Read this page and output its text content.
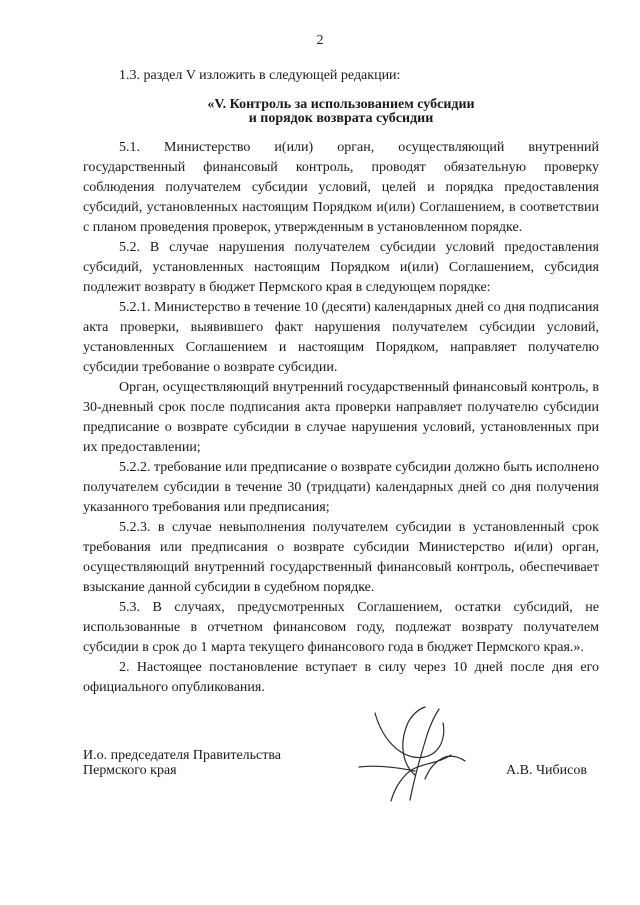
2

1.3. раздел V изложить в следующей редакции:

«V. Контроль за использованием субсидии
и порядок возврата субсидии

5.1. Министерство и(или) орган, осуществляющий внутренний государственный финансовый контроль, проводят обязательную проверку соблюдения получателем субсидии условий, целей и порядка предоставления субсидий, установленных настоящим Порядком и(или) Соглашением, в соответствии с планом проведения проверок, утвержденным в установленном порядке.

5.2. В случае нарушения получателем субсидии условий предоставления субсидий, установленных настоящим Порядком и(или) Соглашением, субсидия подлежит возврату в бюджет Пермского края в следующем порядке:

5.2.1. Министерство в течение 10 (десяти) календарных дней со дня подписания акта проверки, выявившего факт нарушения получателем субсидии условий, установленных Соглашением и настоящим Порядком, направляет получателю субсидии требование о возврате субсидии.

Орган, осуществляющий внутренний государственный финансовый контроль, в 30-дневный срок после подписания акта проверки направляет получателю субсидии предписание о возврате субсидии в случае нарушения условий, установленных при их предоставлении;

5.2.2. требование или предписание о возврате субсидии должно быть исполнено получателем субсидии в течение 30 (тридцати) календарных дней со дня получения указанного требования или предписания;

5.2.3. в случае невыполнения получателем субсидии в установленный срок требования или предписания о возврате субсидии Министерство и(или) орган, осуществляющий внутренний государственный финансовый контроль, обеспечивает взыскание данной субсидии в судебном порядке.

5.3. В случаях, предусмотренных Соглашением, остатки субсидий, не использованные в отчетном финансовом году, подлежат возврату получателем субсидии в срок до 1 марта текущего финансового года в бюджет Пермского края.».

2. Настоящее постановление вступает в силу через 10 дней после дня его официального опубликования.

И.о. председателя Правительства
Пермского края	А.В. Чибисов
